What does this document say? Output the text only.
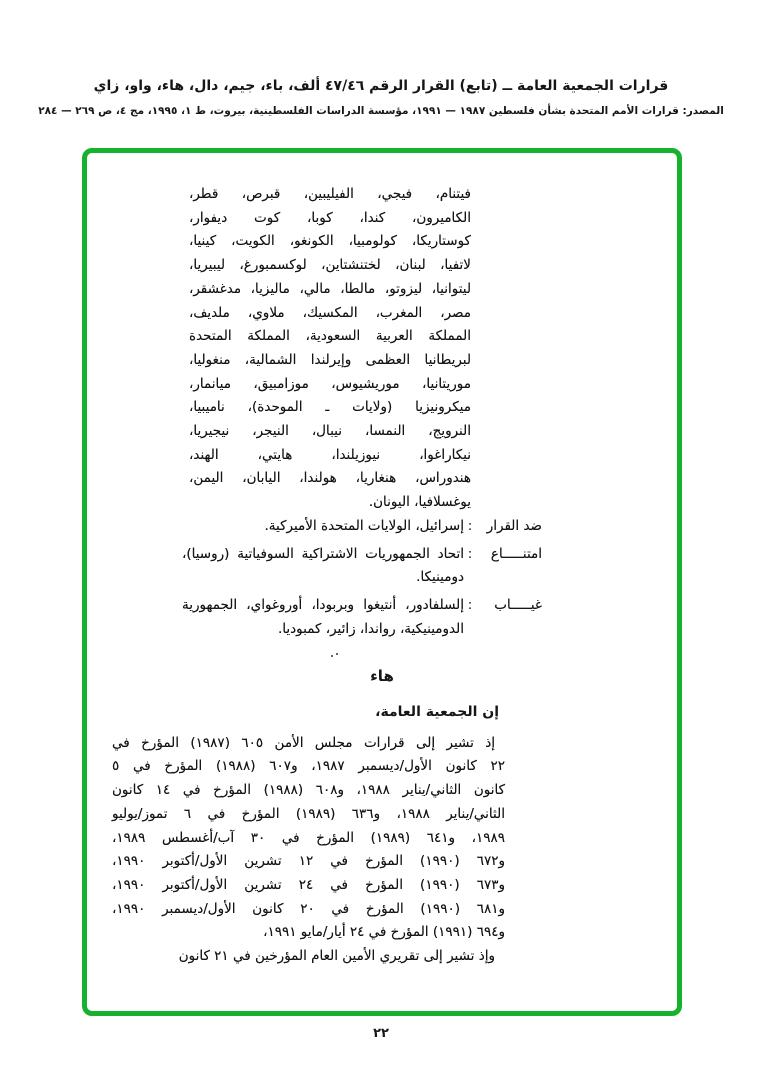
قرارات الجمعية العامة ــ (تابع) القرار الرقم ٤٧/٤٦ ألف، باء، جيم، دال، هاء، واو، زاي
المصدر: قرارات الأمم المتحدة بشأن فلسطين ١٩٨٧ — ١٩٩١، مؤسسة الدراسات الفلسطينية، بيروت، ط ١، ١٩٩٥، مج ٤، ص ٢٦٩ — ٢٨٤
فيتنام، فيجي، الفيليبين، قبرص، قطر،
الكاميرون، كندا، كوبا، كوت ديفوار،
كوستاريكا، كولومبيا، الكونغو، الكويت، كينيا،
لاتفيا، لبنان، لختنشتاين، لوكسمبورغ، ليبيريا،
ليتوانيا، ليزوتو، مالطا، مالي، ماليزيا، مدغشقر،
مصر، المغرب، المكسيك، ملاوي، ملديف،
المملكة العربية السعودية، المملكة المتحدة
لبريطانيا العظمى وإيرلندا الشمالية، منغوليا،
موريتانيا، موريشيوس، موزامبيق، ميانمار،
ميكرونيزيا (ولايات ـ الموحدة)، ناميبيا،
النرويج، النمسا، نيبال، النيجر، نيجيريا،
نيكاراغوا، نيوزيلندا، هايتي، الهند،
هندوراس، هنغاريا، هولندا، اليابان، اليمن،
يوغسلافيا، اليونان.
ضد القرار
:
إسرائيل، الولايات المتحدة الأميركية.
امتنـــــاع
:
اتحاد الجمهوريات الاشتراكية السوفياتية (روسيا)،
دومينيكا.
غيـــــاب
:
إلسلفادور، أنتيغوا وبربودا، أوروغواي، الجمهورية
الدومينيكية، رواندا، زائير، كمبوديا.
هاء
إن الجمعية العامة،
إذ تشير إلى قرارات مجلس الأمن ٦٠٥ (١٩٨٧) المؤرخ في
٢٢ كانون الأول/ديسمبر ١٩٨٧، و٦٠٧ (١٩٨٨) المؤرخ في ٥
كانون الثاني/يناير ١٩٨٨، و٦٠٨ (١٩٨٨) المؤرخ في ١٤ كانون
الثاني/يناير ١٩٨٨، و٦٣٦ (١٩٨٩) المؤرخ في ٦ تموز/يوليو
١٩٨٩، و٦٤١ (١٩٨٩) المؤرخ في ٣٠ آب/أغسطس ١٩٨٩،
و٦٧٢ (١٩٩٠) المؤرخ في ١٢ تشرين الأول/أكتوبر ١٩٩٠،
و٦٧٣ (١٩٩٠) المؤرخ في ٢٤ تشرين الأول/أكتوبر ١٩٩٠،
و٦٨١ (١٩٩٠) المؤرخ في ٢٠ كانون الأول/ديسمبر ١٩٩٠،
و٦٩٤ (١٩٩١) المؤرخ في ٢٤ أيار/مايو ١٩٩١،
وإذ تشير إلى تقريري الأمين العام المؤرخين في ٢١ كانون
٢٢
